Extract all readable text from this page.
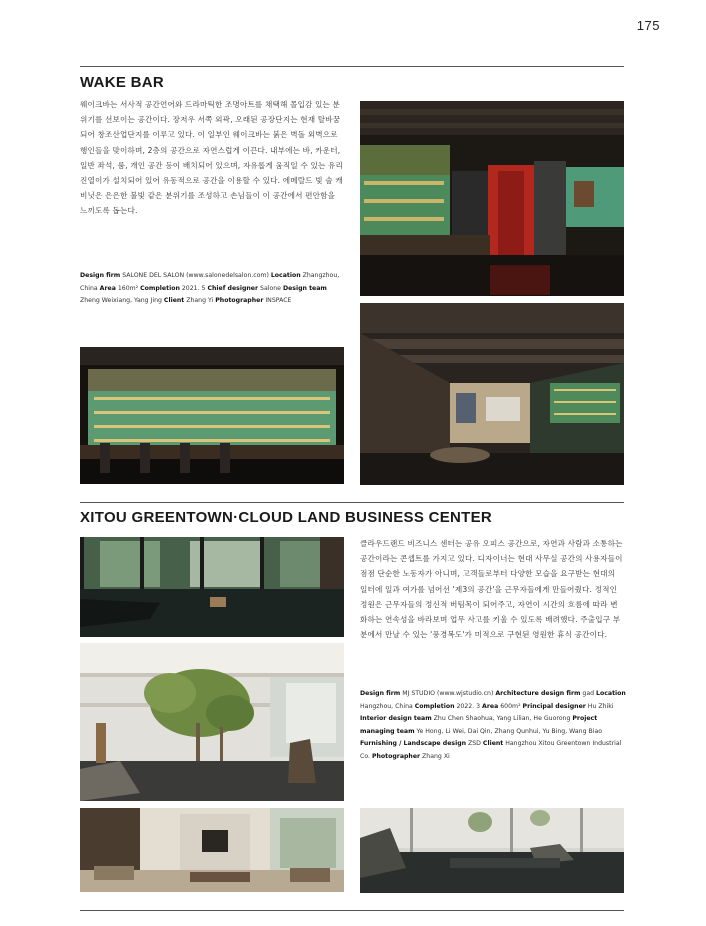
175
WAKE BAR
웨이크바는 서사적 공간언어와 드라마틱한 조명아트를 채택해 몰입감 있는 분위기를 선보이는 공간이다. 장저우 서쪽 외곽, 오래된 공장단지는 현재 탈바꿈되어 창조산업단지를 이루고 있다. 이 일부인 웨이크바는 붉은 벽돌 외벽으로 행인들을 맞이하며, 2층의 공간으로 자연스럽게 이끈다. 내부에는 바, 카운터, 일반 좌석, 룸, 개인 공간 등이 배치되어 있으며, 자유롭게 움직일 수 있는 유리 진열이가 설치되어 있어 유동적으로 공간을 이용할 수 있다. 에메랄드 빛 술 캐비닛은 은은한 불빛 같은 분위기를 조성하고 손님들이 이 공간에서 편안함을 느끼도록 돕는다.
Design firm SALONE DEL SALON (www.salonedelsalon.com) Location Zhangzhou, China Area 160m² Completion 2021. 5 Chief designer Salone Design team Zheng Weixiang, Yang Jing Client Zhang Yi Photographer INSPACE
XITOU GREENTOWN·CLOUD LAND BUSINESS CENTER
클라우드랜드 비즈니스 센터는 공유 오피스 공간으로, 자연과 사람과 소통하는 공간이라는 콘셉트를 가지고 있다. 디자이너는 현대 사무실 공간의 사용자들이 점점 단순한 노동자가 아니며, 고객들로부터 다양한 모습을 요구받는 현대의 일터에 일과 여가를 넘어선 '제3의 공간'을 근무자들에게 만들어줬다. 정적인 정원은 근무자들의 정신적 버팀목이 되어주고, 자연이 시간의 흐름에 따라 변화하는 연속성을 바라보며 업무 사고를 키울 수 있도록 배려했다. 주출입구 부분에서 만날 수 있는 '풍경복도'가 미적으로 구현된 영원한 휴식 공간이다.
Design firm MJ STUDIO (www.wjstudio.cn) Architecture design firm gad Location Hangzhou, China Completion 2022. 3 Area 600m² Principal designer Hu Zhiki Interior design team Zhu Chen Shaohua, Yang Lilian, He Guorong Project managing team Ye Hong, Li Wei, Dai Qin, Zhang Qunhui, Yu Bing, Wang Biao Furnishing / Landscape design ZSD Client Hangzhou Xitou Greentown Industrial Co. Photographer Zhang Xi
